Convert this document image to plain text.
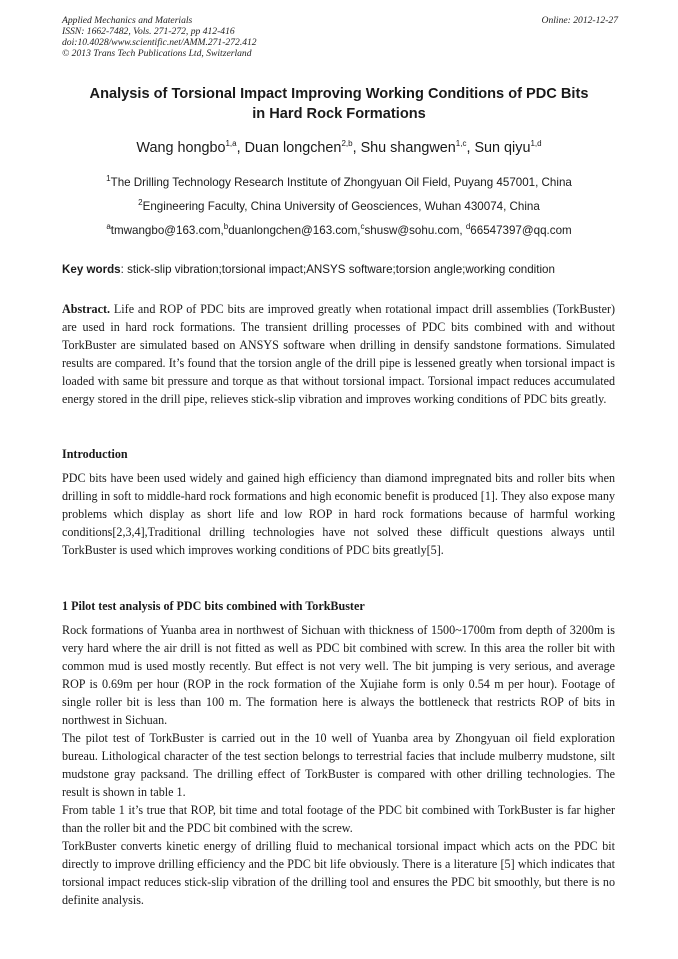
Applied Mechanics and Materials	Online: 2012-12-27
ISSN: 1662-7482, Vols. 271-272, pp 412-416
doi:10.4028/www.scientific.net/AMM.271-272.412
© 2013 Trans Tech Publications Ltd, Switzerland
Analysis of Torsional Impact Improving Working Conditions of PDC Bits
in Hard Rock Formations
Wang hongbo$^{1,a}$, Duan longchen$^{2,b}$, Shu shangwen$^{1,c}$, Sun qiyu$^{1,d}$
$^1$The Drilling Technology Research Institute of Zhongyuan Oil Field, Puyang 457001, China
$^2$Engineering Faculty, China University of Geosciences, Wuhan 430074, China
$^a$tmwangbo@163.com,$^b$duanlongchen@163.com,$^c$shusw@sohu.com, $^d$66547397@qq.com
Key words: stick-slip vibration;torsional impact;ANSYS software;torsion angle;working condition
Abstract. Life and ROP of PDC bits are improved greatly when rotational impact drill assemblies (TorkBuster) are used in hard rock formations. The transient drilling processes of PDC bits combined with and without TorkBuster are simulated based on ANSYS software when drilling in densify sandstone formations. Simulated results are compared. It’s found that the torsion angle of the drill pipe is lessened greatly when torsional impact is loaded with same bit pressure and torque as that without torsional impact. Torsional impact reduces accumulated energy stored in the drill pipe, relieves stick-slip vibration and improves working conditions of PDC bits greatly.
Introduction
PDC bits have been used widely and gained high efficiency than diamond impregnated bits and roller bits when drilling in soft to middle-hard rock formations and high economic benefit is produced [1]. They also expose many problems which display as short life and low ROP in hard rock formations because of harmful working conditions[2,3,4],Traditional drilling technologies have not solved these difficult questions always until TorkBuster is used which improves working conditions of PDC bits greatly[5].
1 Pilot test analysis of PDC bits combined with TorkBuster
Rock formations of Yuanba area in northwest of Sichuan with thickness of 1500~1700m from depth of 3200m is very hard where the air drill is not fitted as well as PDC bit combined with screw. In this area the roller bit with common mud is used mostly recently. But effect is not very well. The bit jumping is very serious, and average ROP is 0.69m per hour (ROP in the rock formation of the Xujiahe form is only 0.54 m per hour). Footage of single roller bit is less than 100 m. The formation here is always the bottleneck that restricts ROP of bits in northwest in Sichuan.
The pilot test of TorkBuster is carried out in the 10 well of Yuanba area by Zhongyuan oil field exploration bureau. Lithological character of the test section belongs to terrestrial facies that include mulberry mudstone, silt mudstone gray packsand. The drilling effect of TorkBuster is compared with other drilling technologies. The result is shown in table 1.
From table 1 it’s true that ROP, bit time and total footage of the PDC bit combined with TorkBuster is far higher than the roller bit and the PDC bit combined with the screw.
TorkBuster converts kinetic energy of drilling fluid to mechanical torsional impact which acts on the PDC bit directly to improve drilling efficiency and the PDC bit life obviously. There is a literature [5] which indicates that torsional impact reduces stick-slip vibration of the drilling tool and ensures the PDC bit smoothly, but there is no definite analysis.
